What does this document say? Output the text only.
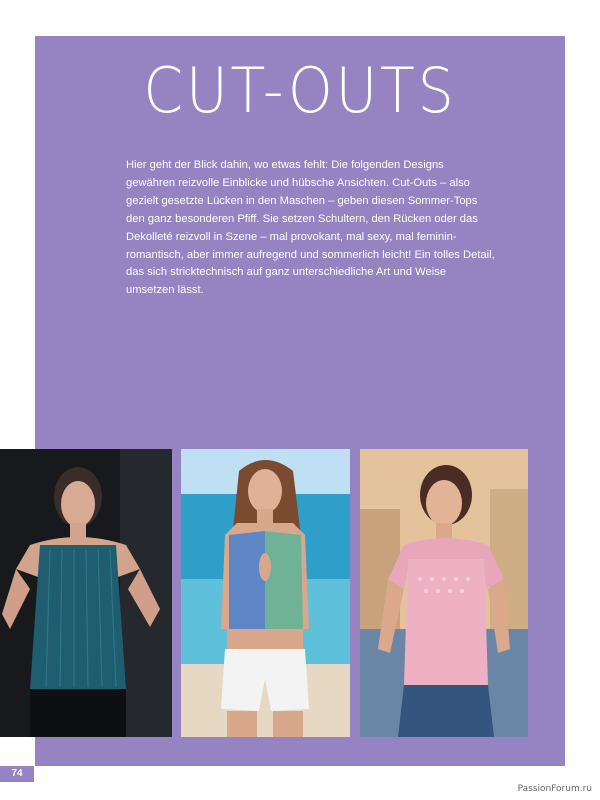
CUT-OUTS
Hier geht der Blick dahin, wo etwas fehlt: Die folgenden Designs gewähren reizvolle Einblicke und hübsche Ansichten. Cut-Outs – also gezielt gesetzte Lücken in den Maschen – geben diesen Sommer-Tops den ganz besonderen Pfiff. Sie setzen Schultern, den Rücken oder das Dekolleté reizvoll in Szene – mal provokant, mal sexy, mal feminin-romantisch, aber immer aufregend und sommerlich leicht! Ein tolles Detail, das sich stricktechnisch auf ganz unterschiedliche Art und Weise umsetzen lässt.
74
PassionForum.ru
